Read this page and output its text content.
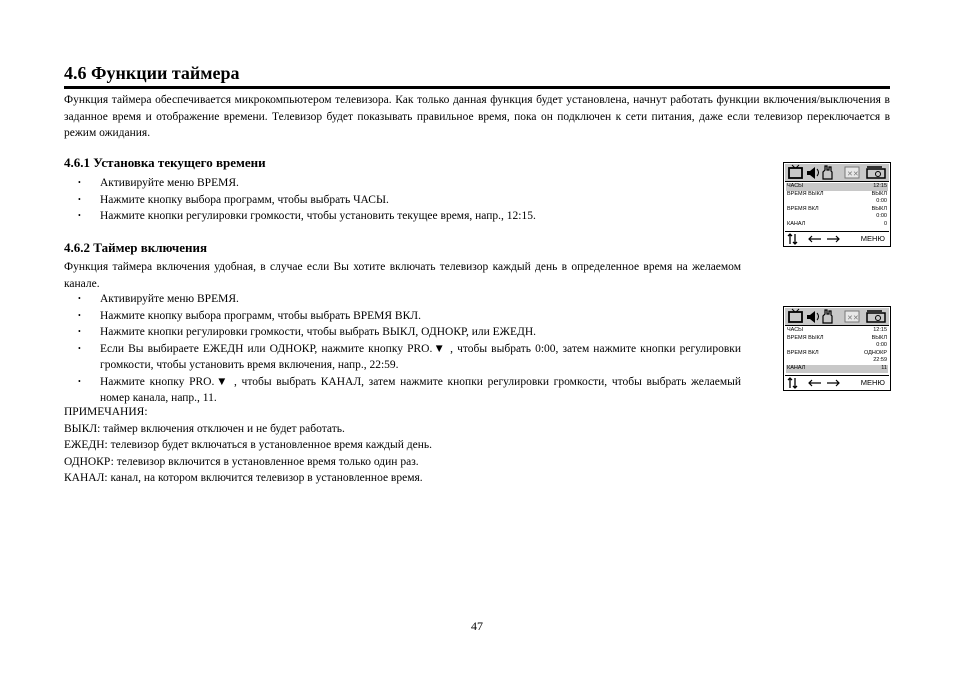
4.6 Функции таймера

Функция таймера обеспечивается микрокомпьютером телевизора. Как только данная функция будет установлена, начнут работать функции включения/выключения в заданное время и отображение времени. Телевизор будет показывать правильное время, пока он подключен к сети питания, даже если телевизор переключается в режим ожидания.

4.6.1 Установка текущего времени
• Активируйте меню ВРЕМЯ.
• Нажмите кнопку выбора программ, чтобы выбрать ЧАСЫ.
• Нажмите кнопки регулировки громкости, чтобы установить текущее время, напр., 12:15.
4.6.2 Таймер включения

Функция таймера включения удобная, в случае если Вы хотите включать телевизор каждый день в определенное время на желаемом канале.

• Активируйте меню ВРЕМЯ.
• Нажмите кнопку выбора программ, чтобы выбрать ВРЕМЯ ВКЛ.
• Нажмите кнопки регулировки громкости, чтобы выбрать ВЫКЛ, ОДНОКР, или ЕЖЕДН.
• Если Вы выбираете ЕЖЕДН или ОДНОКР, нажмите кнопку PRO.▼ , чтобы выбрать 0:00, затем нажмите кнопки регулировки громкости, чтобы установить время включения, напр., 22:59.
• Нажмите кнопку PRO.▼ , чтобы выбрать КАНАЛ, затем нажмите кнопки регулировки громкости, чтобы выбрать желаемый номер канала, напр., 11.
ПРИМЕЧАНИЯ:
ВЫКЛ: таймер включения отключен и не будет работать.
ЕЖЕДН: телевизор будет включаться в установленное время каждый день.
ОДНОКР: телевизор включится в установленное время только один раз.
КАНАЛ: канал, на котором включится телевизор в установленное время.
✕✕
ЧАСЫ	12:15
ВРЕМЯ ВЫКЛ	ВЫКЛ
0:00
ВРЕМЯ ВКЛ	ВЫКЛ
0:00
КАНАЛ	0
МЕНЮ
✕✕
ЧАСЫ	12:15
ВРЕМЯ ВЫКЛ	ВЫКЛ
0:00
ВРЕМЯ ВКЛ	ОДНОКР
22:59
КАНАЛ	11
МЕНЮ
47
